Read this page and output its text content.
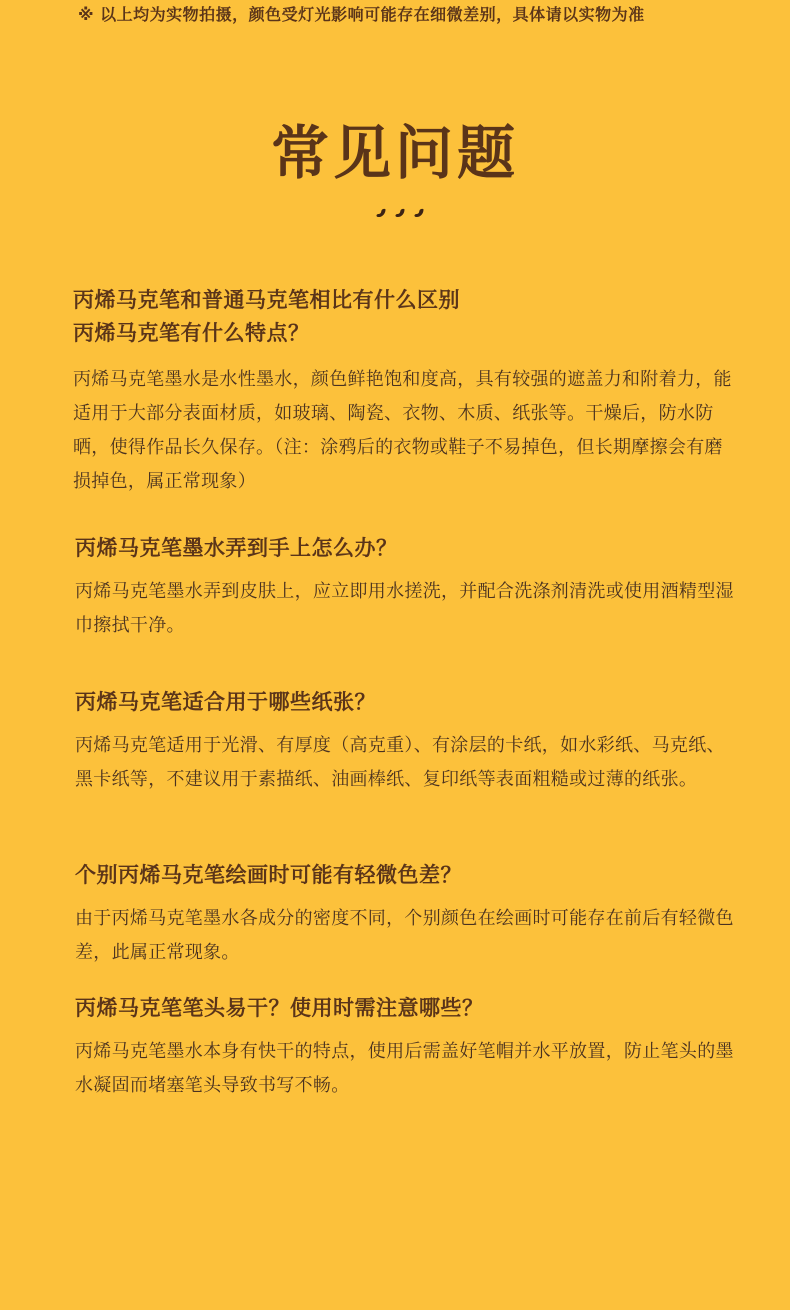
※ 以上均为实物拍摄，颜色受灯光影响可能存在细微差别，具体请以实物为准
常见问题
丙烯马克笔和普通马克笔相比有什么区别
丙烯马克笔有什么特点？
丙烯马克笔墨水是水性墨水，颜色鲜艳饱和度高，具有较强的遮盖力和附着力，能适用于大部分表面材质，如玻璃、陶瓷、衣物、木质、纸张等。干燥后，防水防晒，使得作品长久保存。（注：涂鸦后的衣物或鞋子不易掉色，但长期摩擦会有磨损掉色，属正常现象）
丙烯马克笔墨水弄到手上怎么办？
丙烯马克笔墨水弄到皮肤上，应立即用水搓洗，并配合洗涤剂清洗或使用酒精型湿巾擦拭干净。
丙烯马克笔适合用于哪些纸张？
丙烯马克笔适用于光滑、有厚度（高克重）、有涂层的卡纸，如水彩纸、马克纸、黑卡纸等，不建议用于素描纸、油画棒纸、复印纸等表面粗糙或过薄的纸张。
个别丙烯马克笔绘画时可能有轻微色差？
由于丙烯马克笔墨水各成分的密度不同，个别颜色在绘画时可能存在前后有轻微色差，此属正常现象。
丙烯马克笔笔头易干？使用时需注意哪些？
丙烯马克笔墨水本身有快干的特点，使用后需盖好笔帽并水平放置，防止笔头的墨水凝固而堵塞笔头导致书写不畅。
